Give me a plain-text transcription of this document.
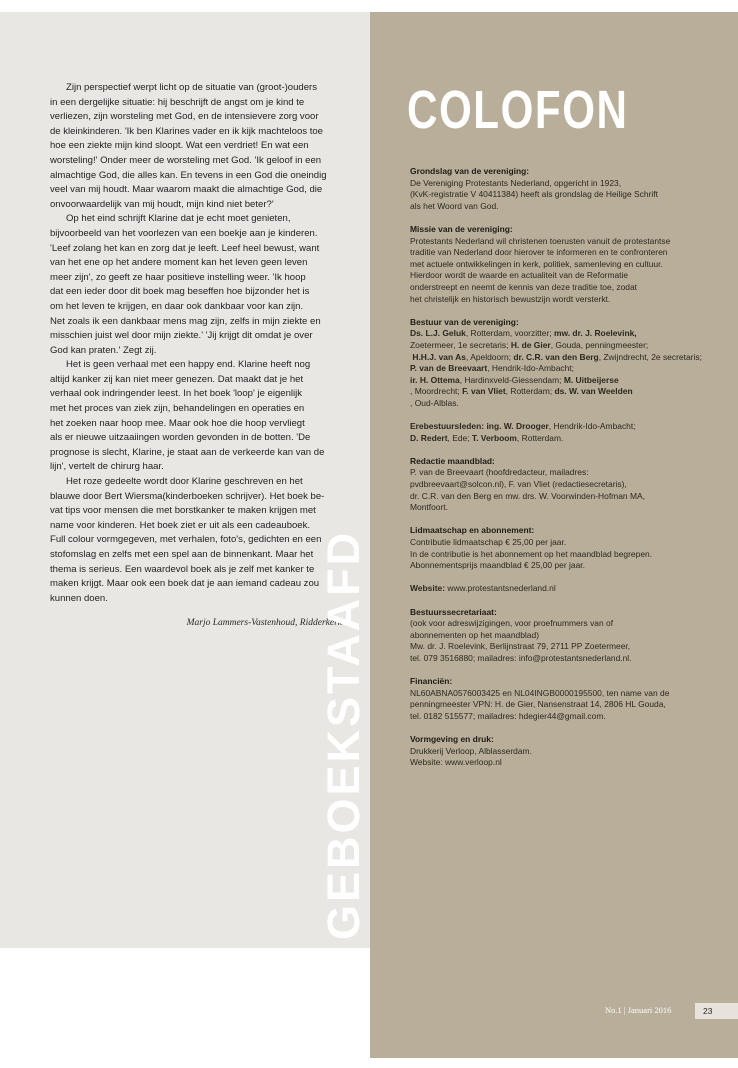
Zijn perspectief werpt licht op de situatie van (groot-)ouders
in een dergelijke situatie: hij beschrijft de angst om je kind te
verliezen, zijn worsteling met God, en de intensievere zorg voor
de kleinkinderen. 'Ik ben Klarines vader en ik kijk machteloos toe
hoe een ziekte mijn kind sloopt. Wat een verdriet! En wat een
worsteling!' Onder meer de worsteling met God. 'Ik geloof in een
almachtige God, die alles kan. En tevens in een God die oneindig
veel van mij houdt. Maar waarom maakt die almachtige God, die
onvoorwaardelijk van mij houdt, mijn kind niet beter?'

Op het eind schrijft Klarine dat je echt moet genieten,
bijvoorbeeld van het voorlezen van een boekje aan je kinderen.
'Leef zolang het kan en zorg dat je leeft. Leef heel bewust, want
van het ene op het andere moment kan het leven geen leven
meer zijn', zo geeft ze haar positieve instelling weer. 'Ik hoop
dat een ieder door dit boek mag beseffen hoe bijzonder het is
om het leven te krijgen, en daar ook dankbaar voor kan zijn.
Net zoals ik een dankbaar mens mag zijn, zelfs in mijn ziekte en
misschien juist wel door mijn ziekte.' 'Jij krijgt dit omdat je over
God kan praten.' Zegt zij.

Het is geen verhaal met een happy end. Klarine heeft nog
altijd kanker zij kan niet meer genezen. Dat maakt dat je het
verhaal ook indringender leest. In het boek 'loop' je eigenlijk
met het proces van ziek zijn, behandelingen en operaties en
het zoeken naar hoop mee. Maar ook hoe die hoop vervliegt
als er nieuwe uitzaaiingen worden gevonden in de botten. 'De
prognose is slecht, Klarine, je staat aan de verkeerde kan van de
lijn', vertelt de chirurg haar.

Het roze gedeelte wordt door Klarine geschreven en het
blauwe door Bert Wiersma(kinderboeken schrijver). Het boek be-
vat tips voor mensen die met borstkanker te maken krijgen met
name voor kinderen. Het boek ziet er uit als een cadeauboek.
Full colour vormgegeven, met verhalen, foto's, gedichten en een
stofomslag en zelfs met een spel aan de binnenkant. Maar het
thema is serieus. Een waardevol boek als je zelf met kanker te
maken krijgt. Maar ook een boek dat je aan iemand cadeau zou
kunnen doen.

Marjo Lammers-Vastenhoud, Ridderkerk
GEBOEKSTAAFD
COLOFON
Grondslag van de vereniging:
De Vereniging Protestants Nederland, opgericht in 1923,
(KvK-registratie V 40411384) heeft als grondslag de Heilige Schrift
als het Woord van God.
Missie van de vereniging:
Protestants Nederland wil christenen toerusten vanuit de protestantse
traditie van Nederland door hierover te informeren en te confronteren
met actuele ontwikkelingen in kerk, politiek, samenleving en cultuur.
Hierdoor wordt de waarde en actualiteit van de Reformatie
onderstreept en neemt de kennis van deze traditie toe, zodat
het christelijk en historisch bewustzijn wordt versterkt.
Bestuur van de vereniging:
Ds. L.J. Geluk, Rotterdam, voorzitter; mw. dr. J. Roelevink,
Zoetermeer, 1e secretaris; H. de Gier, Gouda, penningmeester;
H.H.J. van As, Apeldoorn; dr. C.R. van den Berg, Zwijndrecht, 2e secretaris;
P. van de Breevaart, Hendrik-Ido-Ambacht;
ir. H. Ottema, Hardinxveld-Giessendam; M. Uitbeijerse
, Moordrecht; F. van Vliet, Rotterdam; ds. W. van Weelden
, Oud-Alblas.
Erebestuursleden: ing. W. Drooger, Hendrik-Ido-Ambacht;
D. Redert, Ede; T. Verboom, Rotterdam.
Redactie maandblad:
P. van de Breevaart (hoofdredacteur, mailadres:
pvdbreevaart@solcon.nl), F. van Vliet (redactiesecretaris),
dr. C.R. van den Berg en mw. drs. W. Voorwinden-Hofman MA,
Montfoort.
Lidmaatschap en abonnement:
Contributie lidmaatschap € 25,00 per jaar.
In de contributie is het abonnement op het maandblad begrepen.
Abonnementsprijs maandblad € 25,00 per jaar.
Website: www.protestantsnederland.nl
Bestuurssecretariaat:
(ook voor adreswijzigingen, voor proefnummers van of
abonnementen op het maandblad)
Mw. dr. J. Roelevink, Berlijnstraat 79, 2711 PP Zoetermeer,
tel. 079 3516880; mailadres: info@protestantsnederland.nl.
Financiën:
NL60ABNA0576003425 en NL04INGB0000195500, ten name van de
penningmeester VPN: H. de Gier, Nansenstraat 14, 2806 HL Gouda,
tel. 0182 515577; mailadres: hdegier44@gmail.com.
Vormgeving en druk:
Drukkerij Verloop, Alblasserdam.
Website: www.verloop.nl
No.1 | Januari 2016	23
